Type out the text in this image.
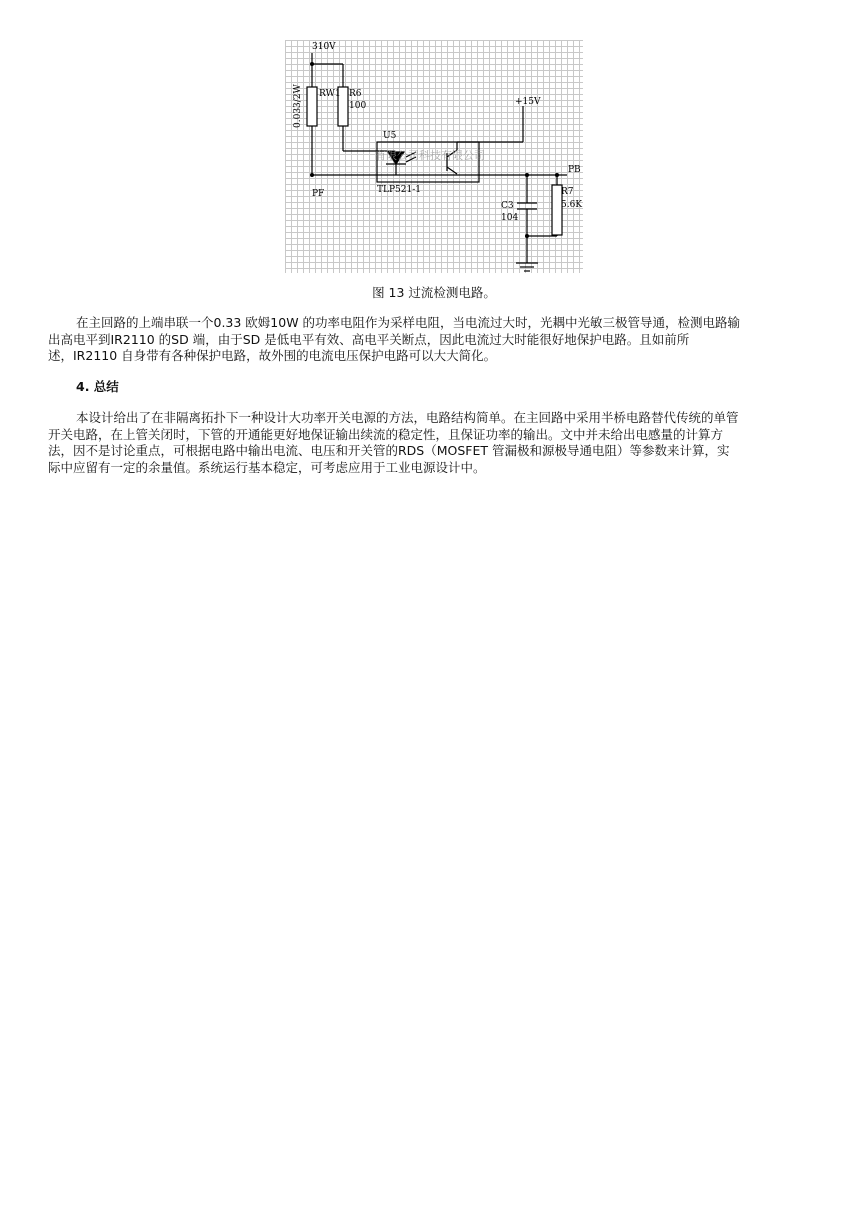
310V
RW1 R6
100
0.033/2W	+15V
U5
TLP521-1
PF
PB
R7
5.6K
C3
104
有限公司科技有限公司
图 13 过流检测电路。
在主回路的上端串联一个0.33 欧姆10W 的功率电阻作为采样电阻，当电流过大时，光耦中光敏三极管导通，检测电路输
出高电平到IR2110 的SD 端，由于SD 是低电平有效、高电平关断点，因此电流过大时能很好地保护电路。且如前所
述，IR2110 自身带有各种保护电路，故外围的电流电压保护电路可以大大简化。
4. 总结
本设计给出了在非隔离拓扑下一种设计大功率开关电源的方法，电路结构简单。在主回路中采用半桥电路替代传统的单管
开关电路，在上管关闭时，下管的开通能更好地保证输出续流的稳定性，且保证功率的输出。文中并未给出电感量的计算方
法，因不是讨论重点，可根据电路中输出电流、电压和开关管的RDS（MOSFET 管漏极和源极导通电阻）等参数来计算，实
际中应留有一定的余量值。系统运行基本稳定，可考虑应用于工业电源设计中。
